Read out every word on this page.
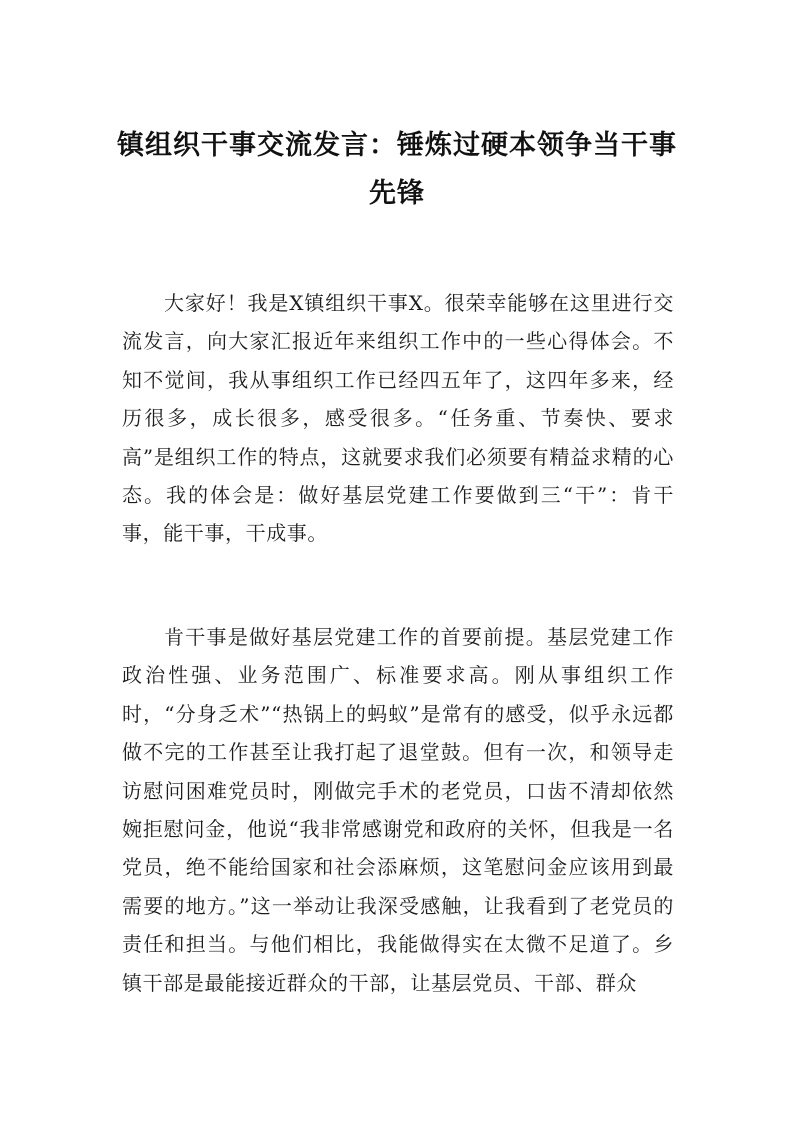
镇组织干事交流发言：锤炼过硬本领争当干事先锋

大家好！我是X镇组织干事X。很荣幸能够在这里进行交流发言，向大家汇报近年来组织工作中的一些心得体会。不知不觉间，我从事组织工作已经四五年了，这四年多来，经历很多，成长很多，感受很多。“任务重、节奏快、要求高”是组织工作的特点，这就要求我们必须要有精益求精的心态。我的体会是：做好基层党建工作要做到三“干”：肯干事，能干事，干成事。

肯干事是做好基层党建工作的首要前提。基层党建工作政治性强、业务范围广、标准要求高。刚从事组织工作时，“分身乏术”“热锅上的蚂蚁”是常有的感受，似乎永远都做不完的工作甚至让我打起了退堂鼓。但有一次，和领导走访慰问困难党员时，刚做完手术的老党员，口齿不清却依然婉拒慰问金，他说“我非常感谢党和政府的关怀，但我是一名党员，绝不能给国家和社会添麻烦，这笔慰问金应该用到最需要的地方。”这一举动让我深受感触，让我看到了老党员的责任和担当。与他们相比，我能做得实在太微不足道了。乡镇干部是最能接近群众的干部，让基层党员、干部、群众
